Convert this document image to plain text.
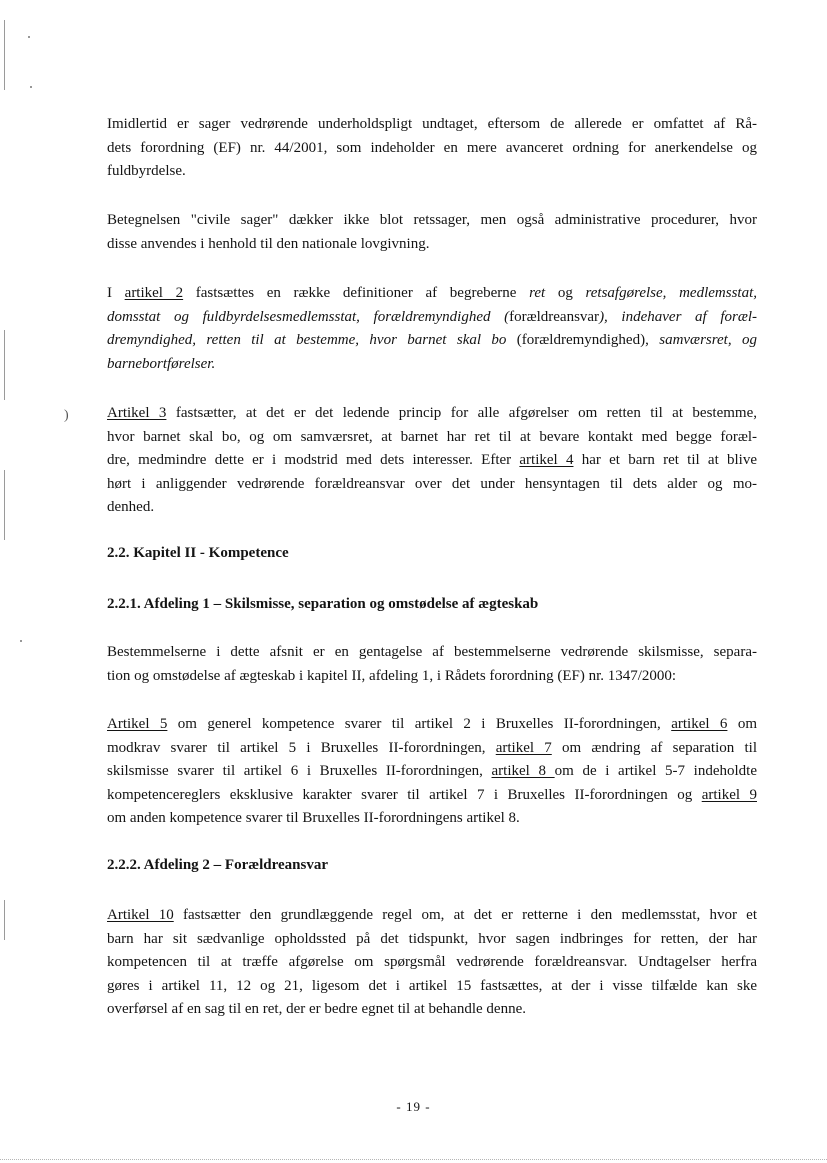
)
Imidlertid er sager vedrørende underholdspligt undtaget, eftersom de allerede er omfattet af Rå-
dets forordning (EF) nr. 44/2001, som indeholder en mere avanceret ordning for anerkendelse og
fuldbyrdelse.
Betegnelsen "civile sager" dækker ikke blot retssager, men også administrative procedurer, hvor
disse anvendes i henhold til den nationale lovgivning.
I artikel 2 fastsættes en række definitioner af begreberne ret og retsafgørelse, medlemsstat,
domsstat og fuldbyrdelsesmedlemsstat, forældremyndighed (forældreansvar), indehaver af foræl-
dremyndighed, retten til at bestemme, hvor barnet skal bo (forældremyndighed), samværsret, og
barnebortførelser.
Artikel 3 fastsætter, at det er det ledende princip for alle afgørelser om retten til at bestemme,
hvor barnet skal bo, og om samværsret, at barnet har ret til at bevare kontakt med begge foræl-
dre, medmindre dette er i modstrid med dets interesser. Efter artikel 4 har et barn ret til at blive
hørt i anliggender vedrørende forældreansvar over det under hensyntagen til dets alder og mo-
denhed.
2.2. Kapitel II - Kompetence
2.2.1. Afdeling 1 – Skilsmisse, separation og omstødelse af ægteskab
Bestemmelserne i dette afsnit er en gentagelse af bestemmelserne vedrørende skilsmisse, separa-
tion og omstødelse af ægteskab i kapitel II, afdeling 1, i Rådets forordning (EF) nr. 1347/2000:
Artikel 5 om generel kompetence svarer til artikel 2 i Bruxelles II-forordningen, artikel 6 om
modkrav svarer til artikel 5 i Bruxelles II-forordningen, artikel 7 om ændring af separation til
skilsmisse svarer til artikel 6 i Bruxelles II-forordningen, artikel 8 om de i artikel 5-7 indeholdte
kompetencereglers eksklusive karakter svarer til artikel 7 i Bruxelles II-forordningen og artikel 9
om anden kompetence svarer til Bruxelles II-forordningens artikel 8.
2.2.2. Afdeling 2 – Forældreansvar
Artikel 10 fastsætter den grundlæggende regel om, at det er retterne i den medlemsstat, hvor et
barn har sit sædvanlige opholdssted på det tidspunkt, hvor sagen indbringes for retten, der har
kompetencen til at træffe afgørelse om spørgsmål vedrørende forældreansvar. Undtagelser herfra
gøres i artikel 11, 12 og 21, ligesom det i artikel 15 fastsættes, at der i visse tilfælde kan ske
overførsel af en sag til en ret, der er bedre egnet til at behandle denne.
- 19 -
